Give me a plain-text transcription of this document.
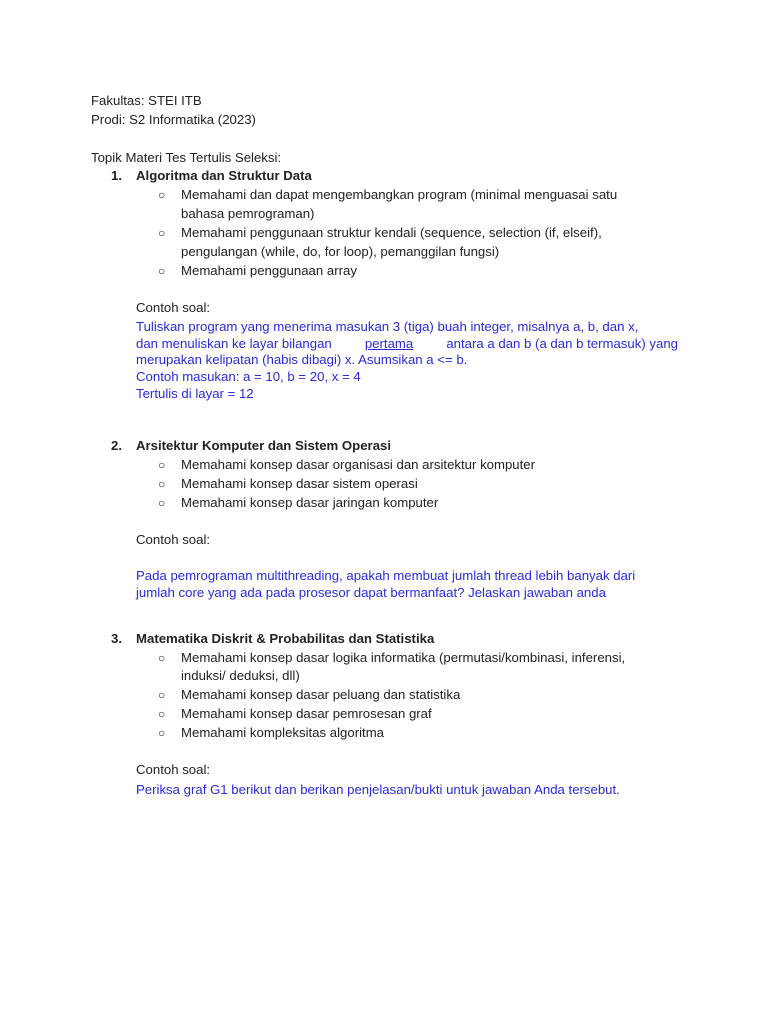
Fakultas: STEI ITB
Prodi: S2 Informatika (2023)
Topik Materi Tes Tertulis Seleksi:
1. Algoritma dan Struktur Data
○ Memahami dan dapat mengembangkan program (minimal menguasai satu
bahasa pemrograman)
○ Memahami penggunaan struktur kendali (sequence, selection (if, elseif),
pengulangan (while, do, for loop), pemanggilan fungsi)
○ Memahami penggunaan array
Contoh soal:
Tuliskan program yang menerima masukan 3 (tiga) buah integer, misalnya a, b, dan x,
dan menuliskan ke layar bilangan	pertama	antara a dan b (a dan b termasuk) yang
merupakan kelipatan (habis dibagi) x. Asumsikan a <= b.
Contoh masukan: a = 10, b = 20, x = 4
Tertulis di layar = 12
2. Arsitektur Komputer dan Sistem Operasi
○ Memahami konsep dasar organisasi dan arsitektur komputer
○ Memahami konsep dasar sistem operasi
○ Memahami konsep dasar jaringan komputer
Contoh soal:
Pada pemrograman multithreading, apakah membuat jumlah thread lebih banyak dari
jumlah core yang ada pada prosesor dapat bermanfaat? Jelaskan jawaban anda
3. Matematika Diskrit & Probabilitas dan Statistika
○ Memahami konsep dasar logika informatika (permutasi/kombinasi, inferensi,
induksi/ deduksi, dll)
○ Memahami konsep dasar peluang dan statistika
○ Memahami konsep dasar pemrosesan graf
○ Memahami kompleksitas algoritma
Contoh soal:
Periksa graf G1 berikut dan berikan penjelasan/bukti untuk jawaban Anda tersebut.
